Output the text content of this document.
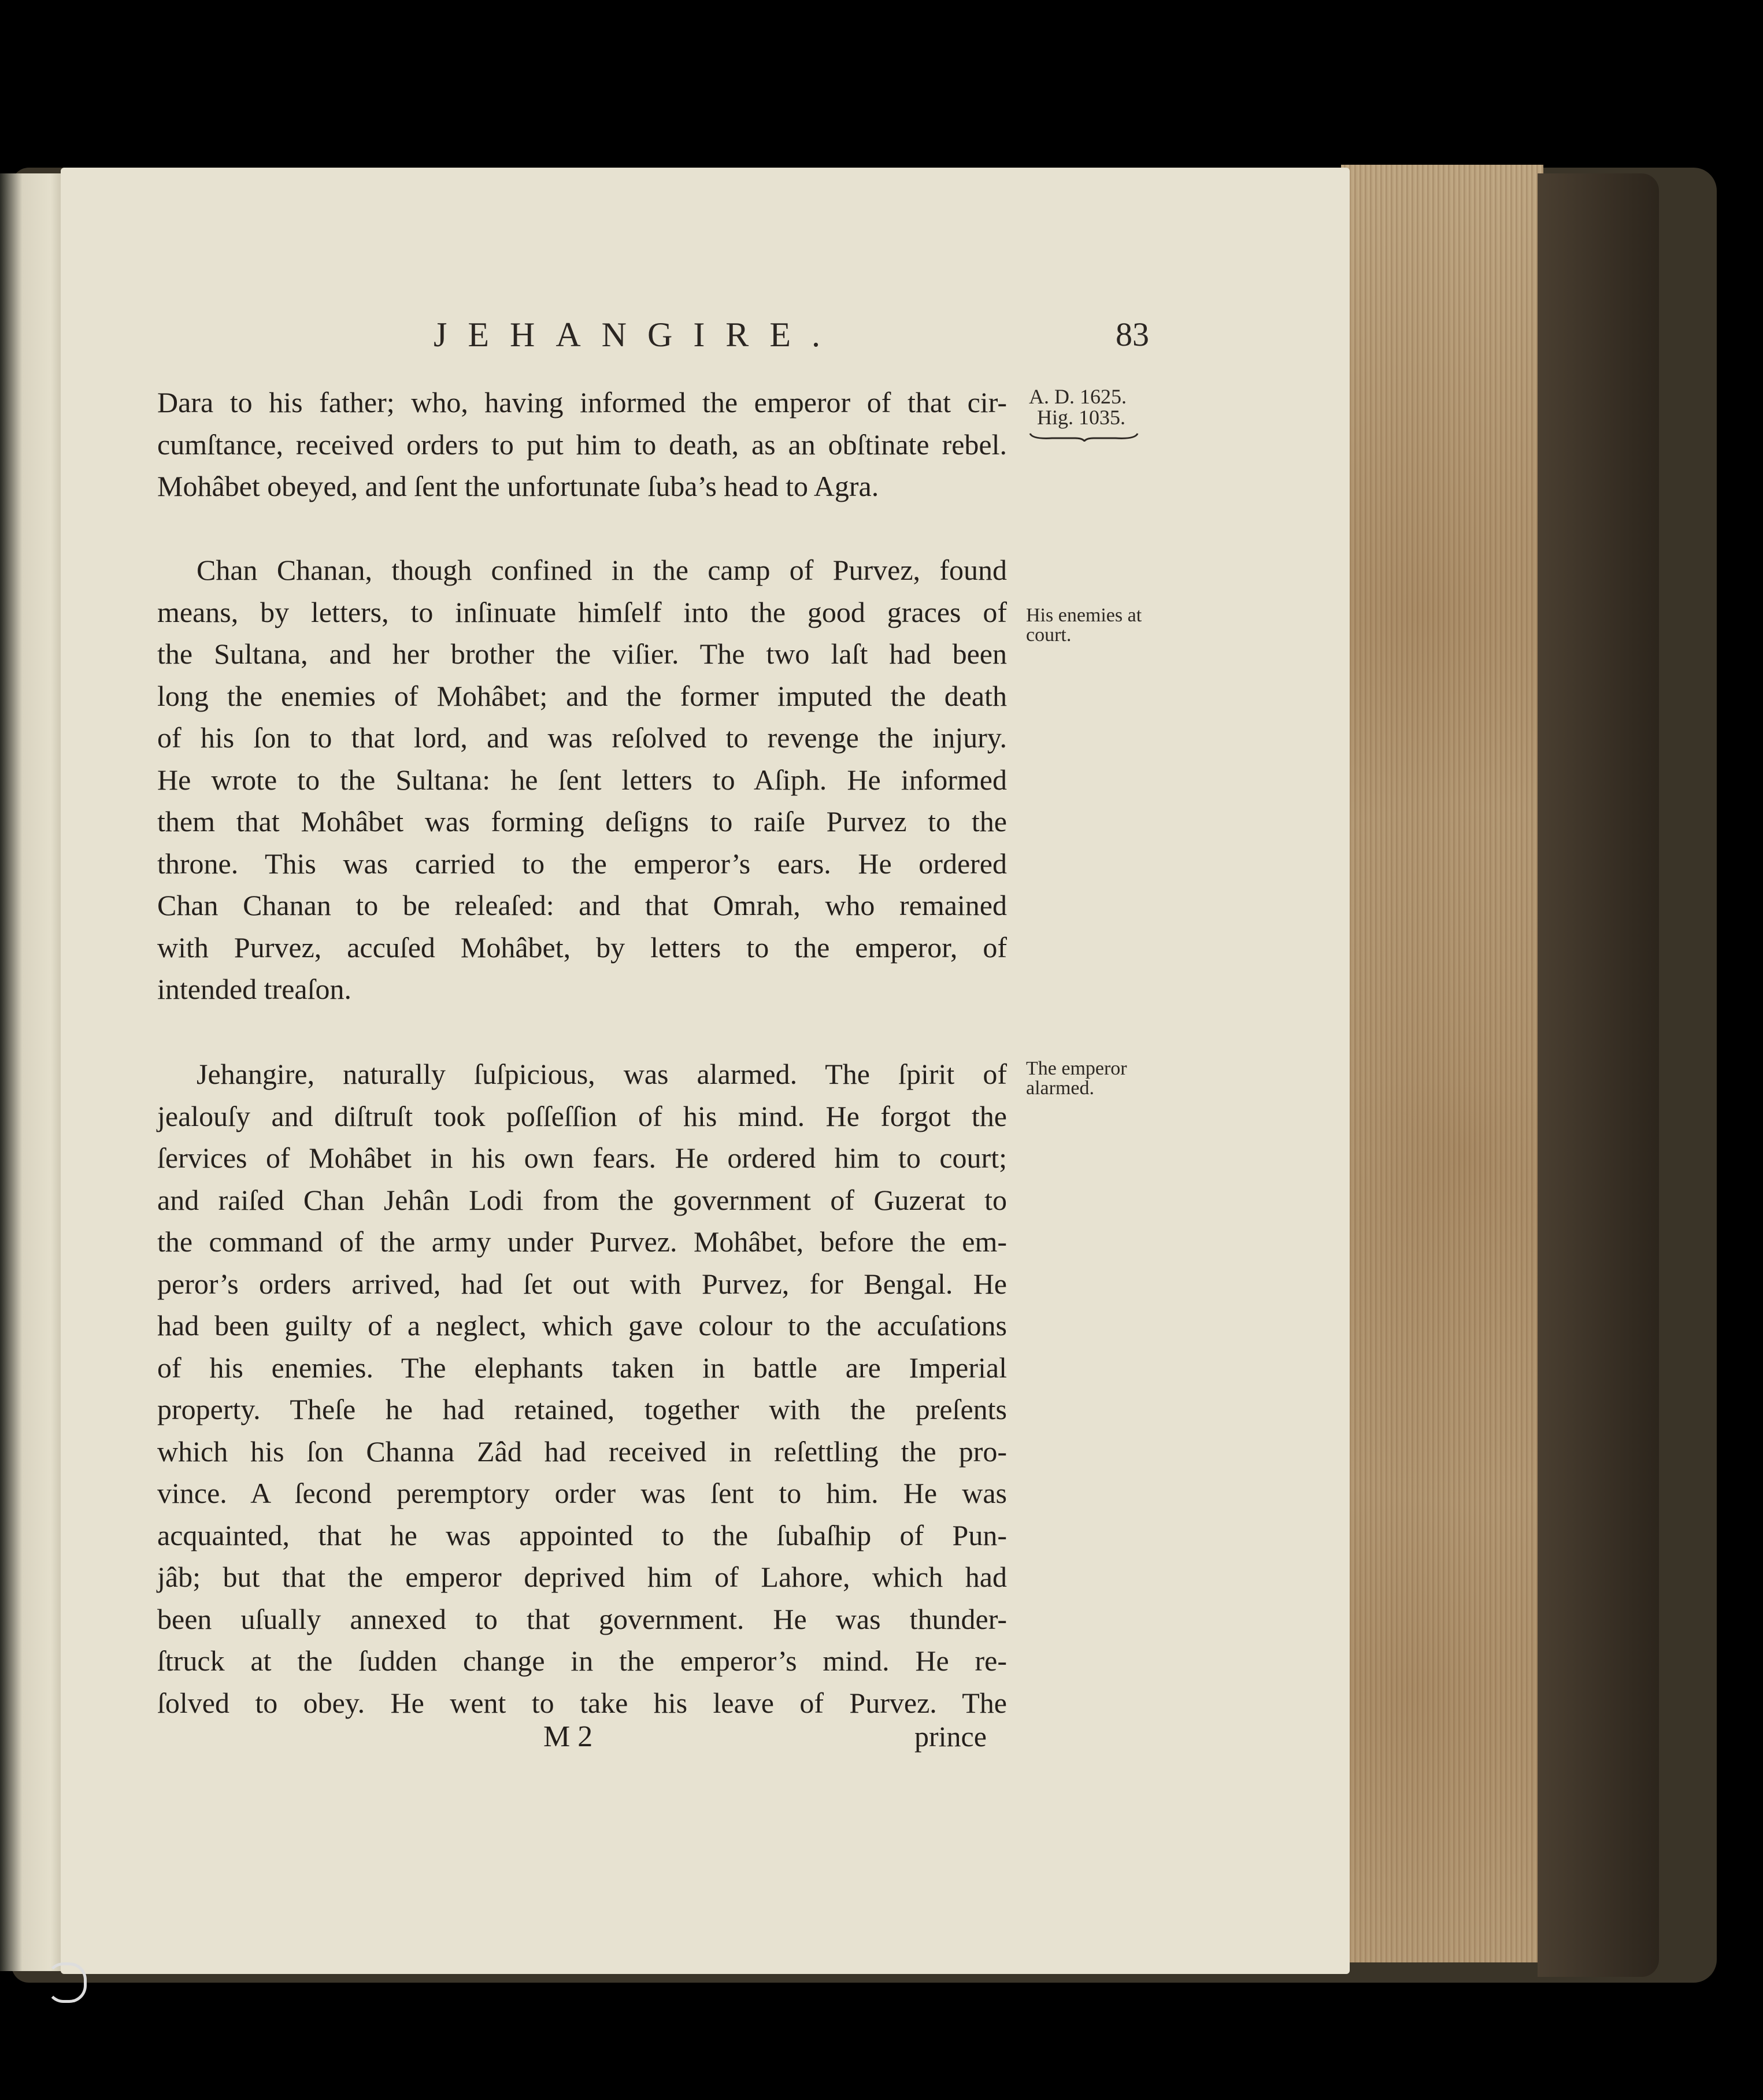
JEHANGIRE.	83
A. D. 1625.
Hig. 1035.
His enemies at court.
The emperor alarmed.
Dara to his father; who, having informed the emperor of that cir-
cumſtance, received orders to put him to death, as an obſtinate rebel.
Mohâbet obeyed, and ſent the unfortunate ſuba’s head to Agra.
Chan Chanan, though confined in the camp of Purvez, found
means, by letters, to inſinuate himſelf into the good graces of
the Sultana, and her brother the viſier. The two laſt had been
long the enemies of Mohâbet; and the former imputed the death
of his ſon to that lord, and was reſolved to revenge the injury.
He wrote to the Sultana: he ſent letters to Aſiph. He informed
them that Mohâbet was forming deſigns to raiſe Purvez to the
throne. This was carried to the emperor’s ears. He ordered
Chan Chanan to be releaſed: and that Omrah, who remained
with Purvez, accuſed Mohâbet, by letters to the emperor, of
intended treaſon.
Jehangire, naturally ſuſpicious, was alarmed. The ſpirit of
jealouſy and diſtruſt took poſſeſſion of his mind. He forgot the
ſervices of Mohâbet in his own fears. He ordered him to court;
and raiſed Chan Jehân Lodi from the government of Guzerat to
the command of the army under Purvez. Mohâbet, before the em-
peror’s orders arrived, had ſet out with Purvez, for Bengal. He
had been guilty of a neglect, which gave colour to the accuſations
of his enemies. The elephants taken in battle are Imperial
property. Theſe he had retained, together with the preſents
which his ſon Channa Zâd had received in reſettling the pro-
vince. A ſecond peremptory order was ſent to him. He was
acquainted, that he was appointed to the ſubaſhip of Pun-
jâb; but that the emperor deprived him of Lahore, which had
been uſually annexed to that government. He was thunder-
ſtruck at the ſudden change in the emperor’s mind. He re-
ſolved to obey. He went to take his leave of Purvez. The
M 2	prince
